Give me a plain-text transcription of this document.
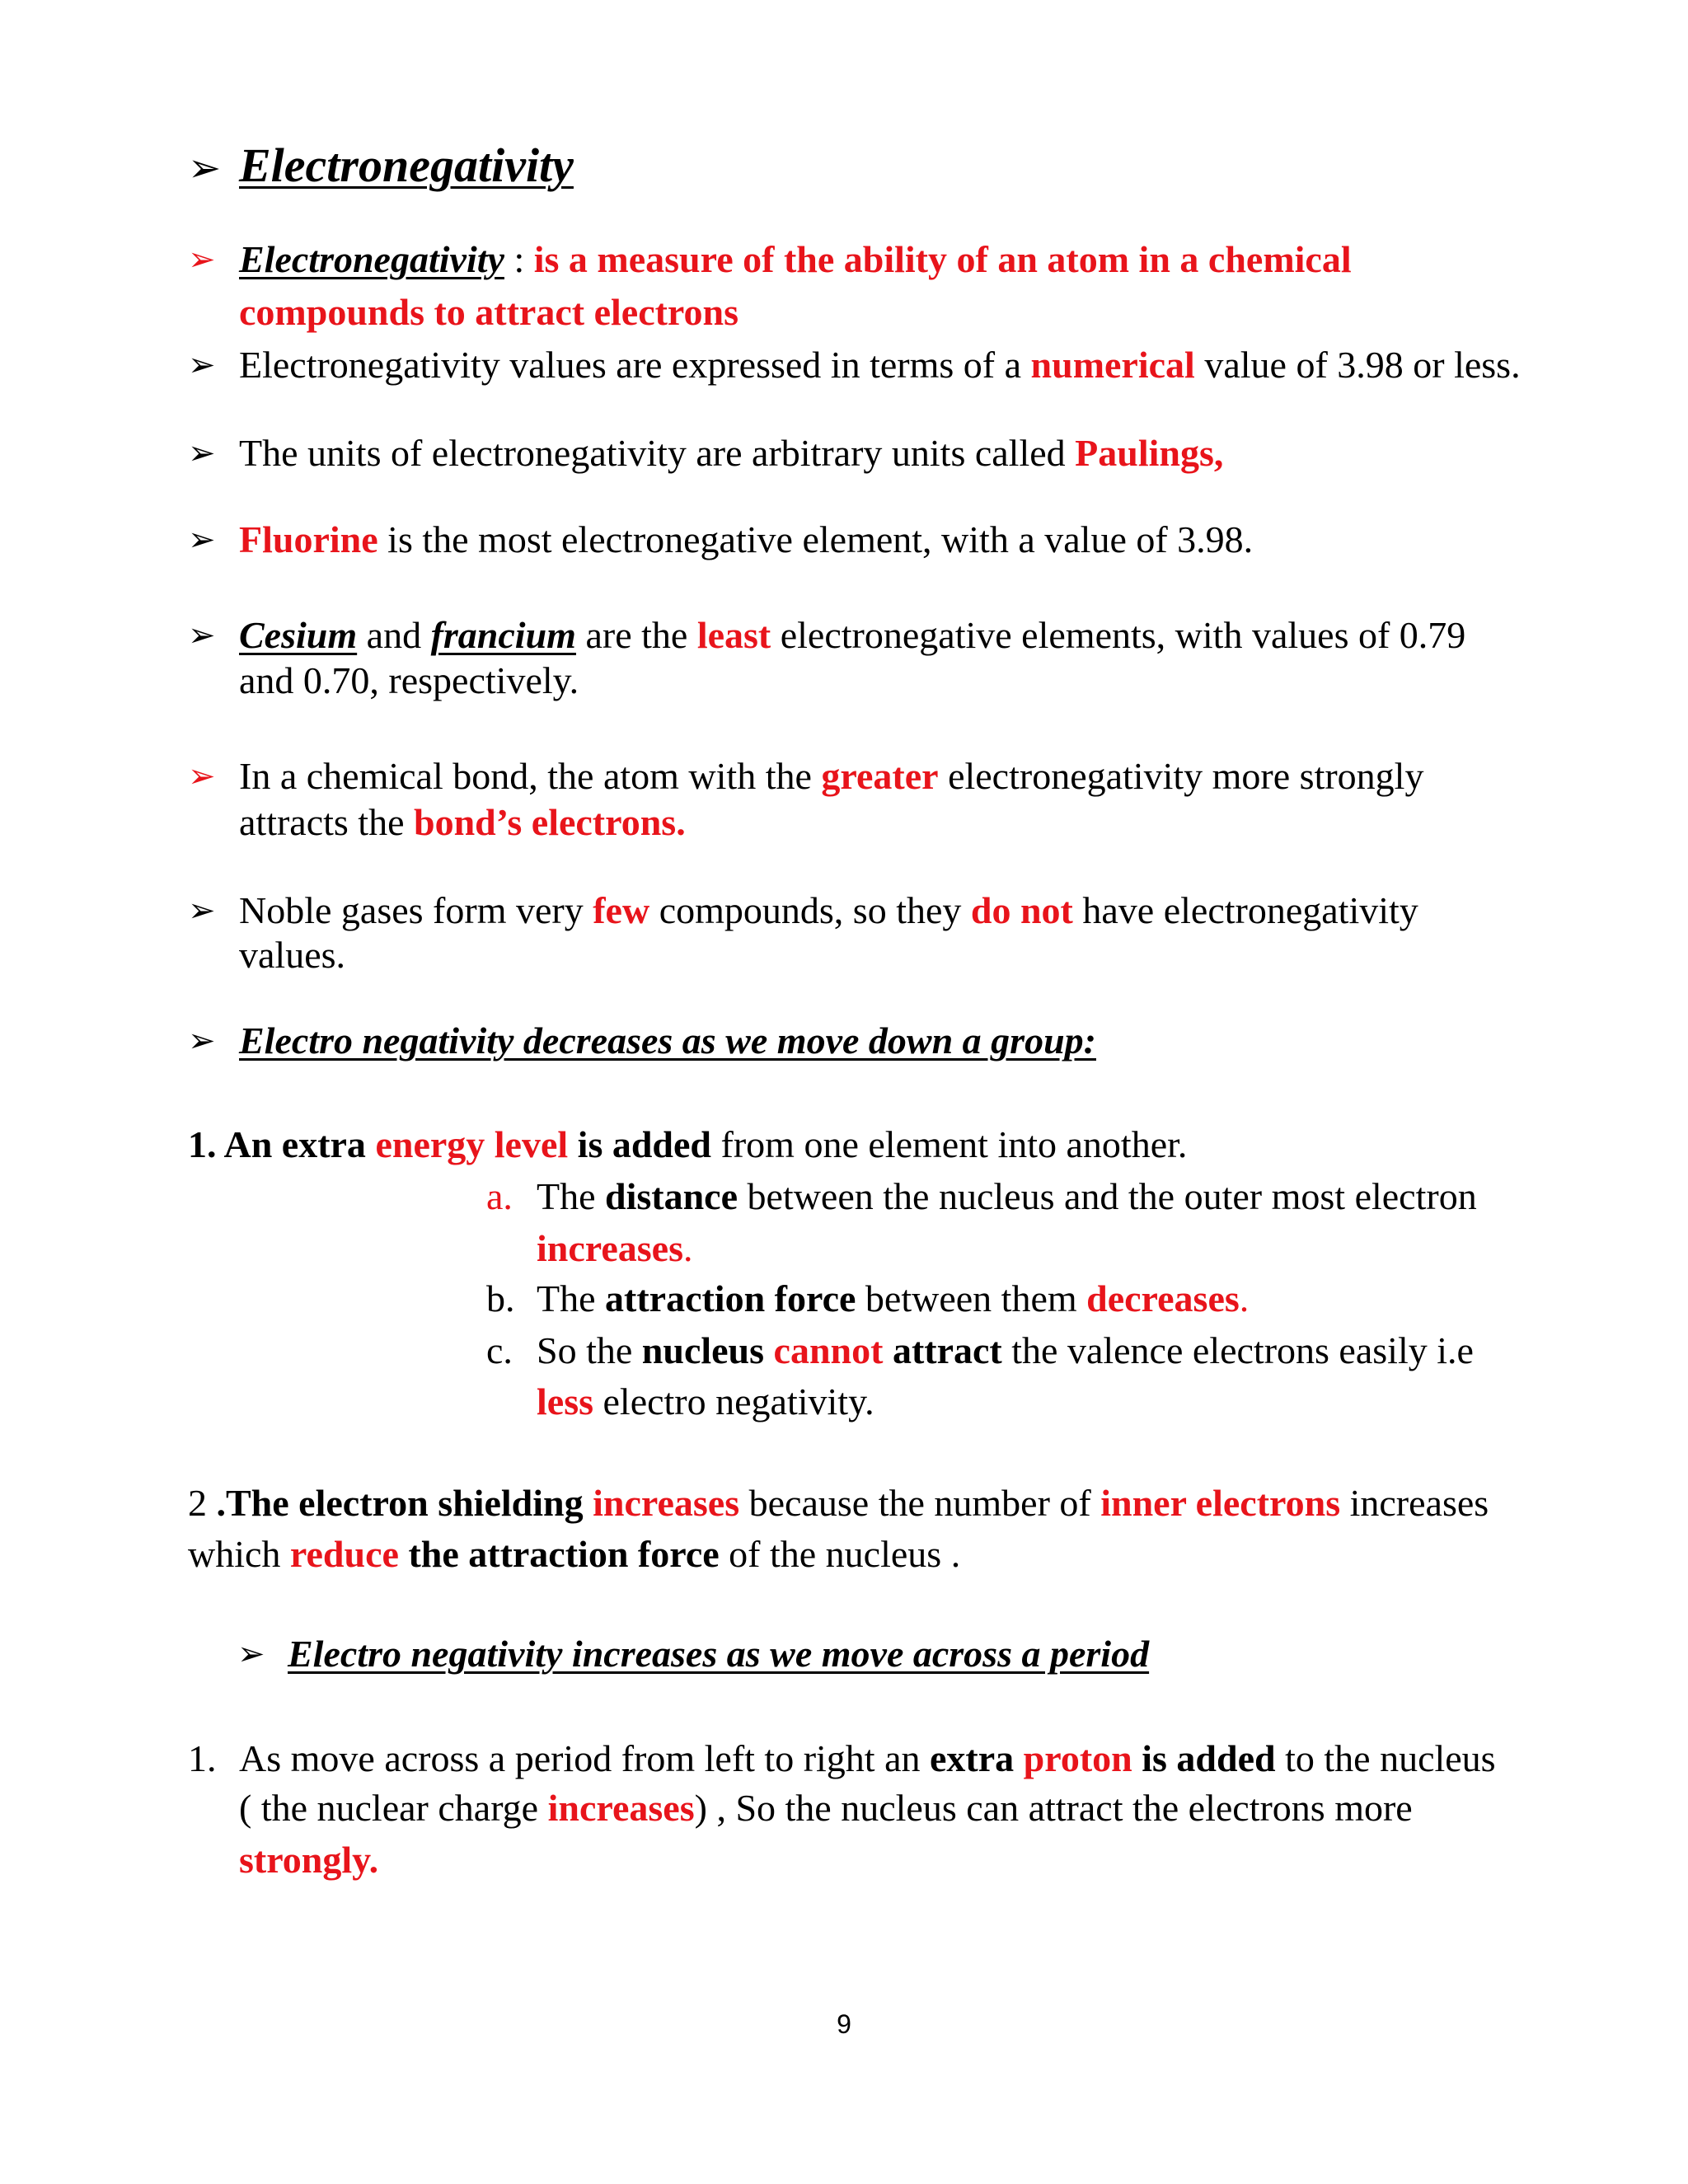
➢ Electronegativity
➢ Electronegativity : is a measure of the ability of an atom in a chemical
compounds to attract electrons
➢ Electronegativity values are expressed in terms of a numerical value of 3.98 or less.
➢ The units of electronegativity are arbitrary units called Paulings,
➢ Fluorine is the most electronegative element, with a value of 3.98.
➢ Cesium and francium are the least electronegative elements, with values of 0.79
and 0.70, respectively.
➢ In a chemical bond, the atom with the greater electronegativity more strongly
attracts the bond’s electrons.
➢ Noble gases form very few compounds, so they do not have electronegativity
values.
➢ Electro negativity decreases as we move down a group:
1. An extra energy level is added from one element into another.
a. The distance between the nucleus and the outer most electron
increases.
b. The attraction force between them decreases.
c. So the nucleus cannot attract the valence electrons easily i.e
less electro negativity.
2 .The electron shielding increases because the number of inner electrons increases
which reduce the attraction force of the nucleus .
➢ Electro negativity increases as we move across a period
1. As move across a period from left to right an extra proton is added to the nucleus
( the nuclear charge increases) , So the nucleus can attract the electrons more
strongly.
9
